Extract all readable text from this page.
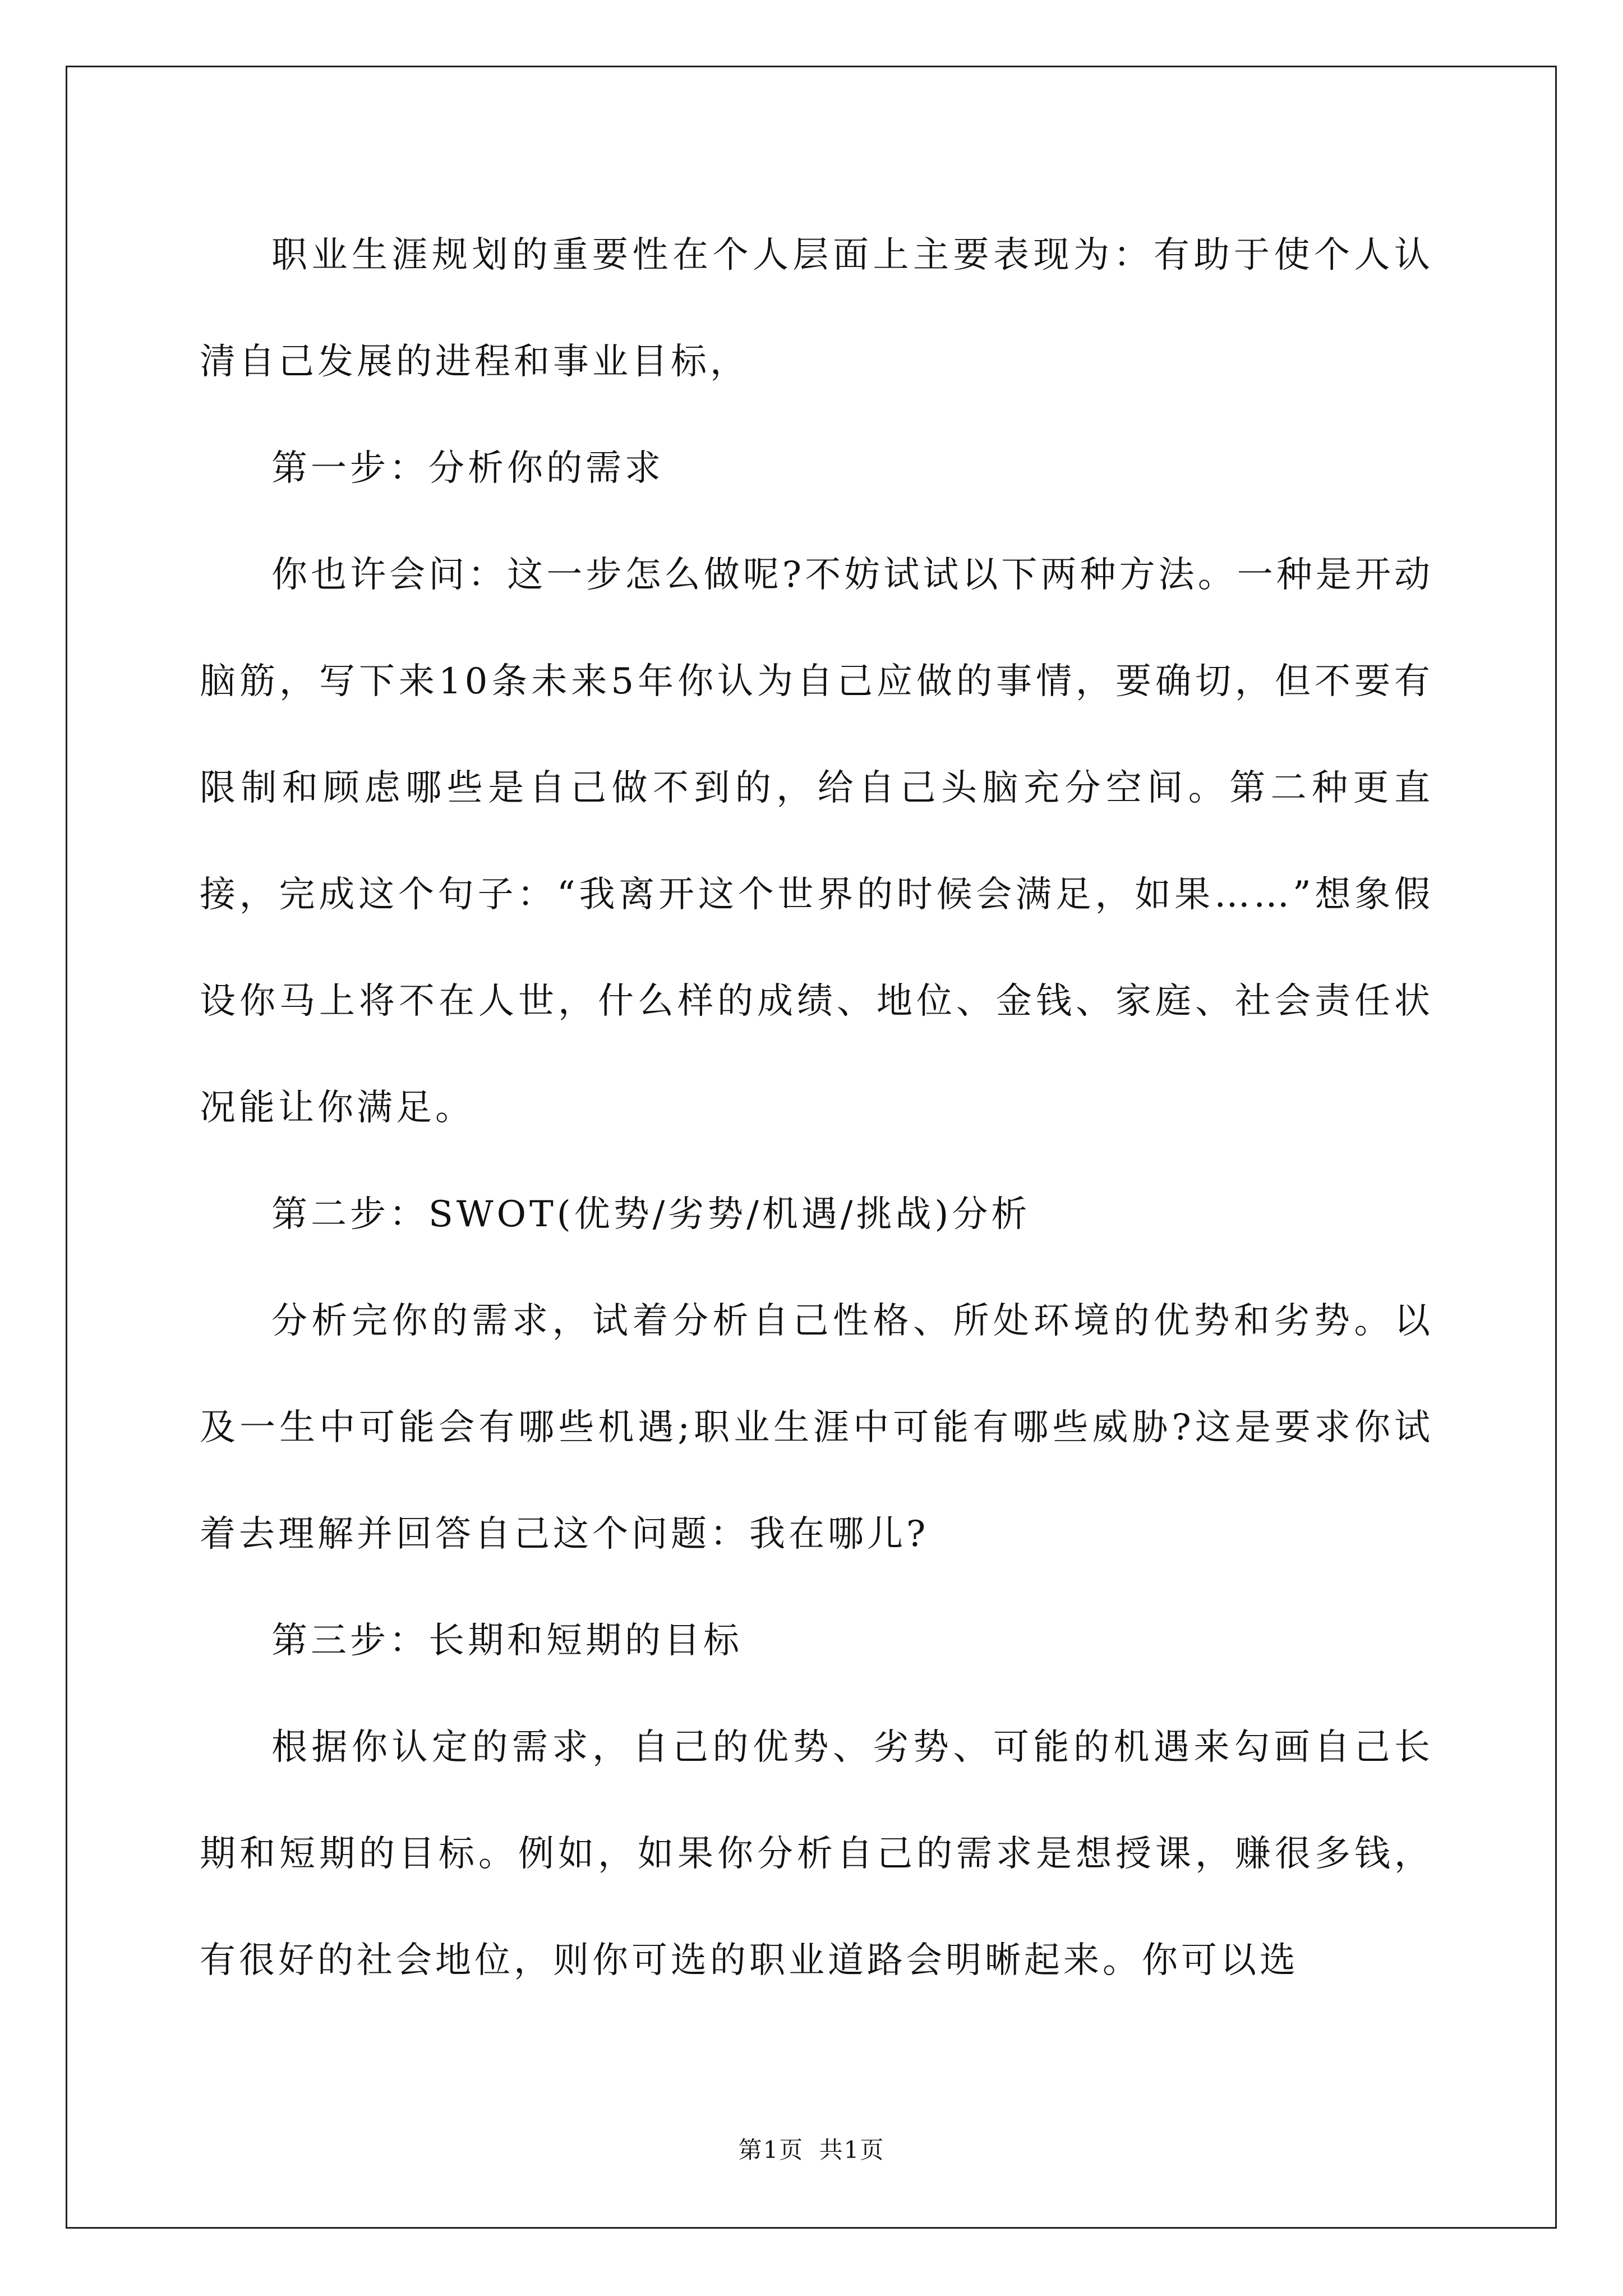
职业生涯规划的重要性在个人层面上主要表现为：有助于使个人认清自己发展的进程和事业目标，

第一步：分析你的需求

你也许会问：这一步怎么做呢?不妨试试以下两种方法。一种是开动脑筋，写下来10条未来5年你认为自己应做的事情，要确切，但不要有限制和顾虑哪些是自己做不到的，给自己头脑充分空间。第二种更直接，完成这个句子：“我离开这个世界的时候会满足，如果……”想象假设你马上将不在人世，什么样的成绩、地位、金钱、家庭、社会责任状况能让你满足。

第二步：SWOT(优势/劣势/机遇/挑战)分析

分析完你的需求，试着分析自己性格、所处环境的优势和劣势。以及一生中可能会有哪些机遇;职业生涯中可能有哪些威胁?这是要求你试着去理解并回答自己这个问题：我在哪儿?

第三步：长期和短期的目标

根据你认定的需求，自己的优势、劣势、可能的机遇来勾画自己长期和短期的目标。例如，如果你分析自己的需求是想授课，赚很多钱，有很好的社会地位，则你可选的职业道路会明晰起来。你可以选

第1页 共1页
